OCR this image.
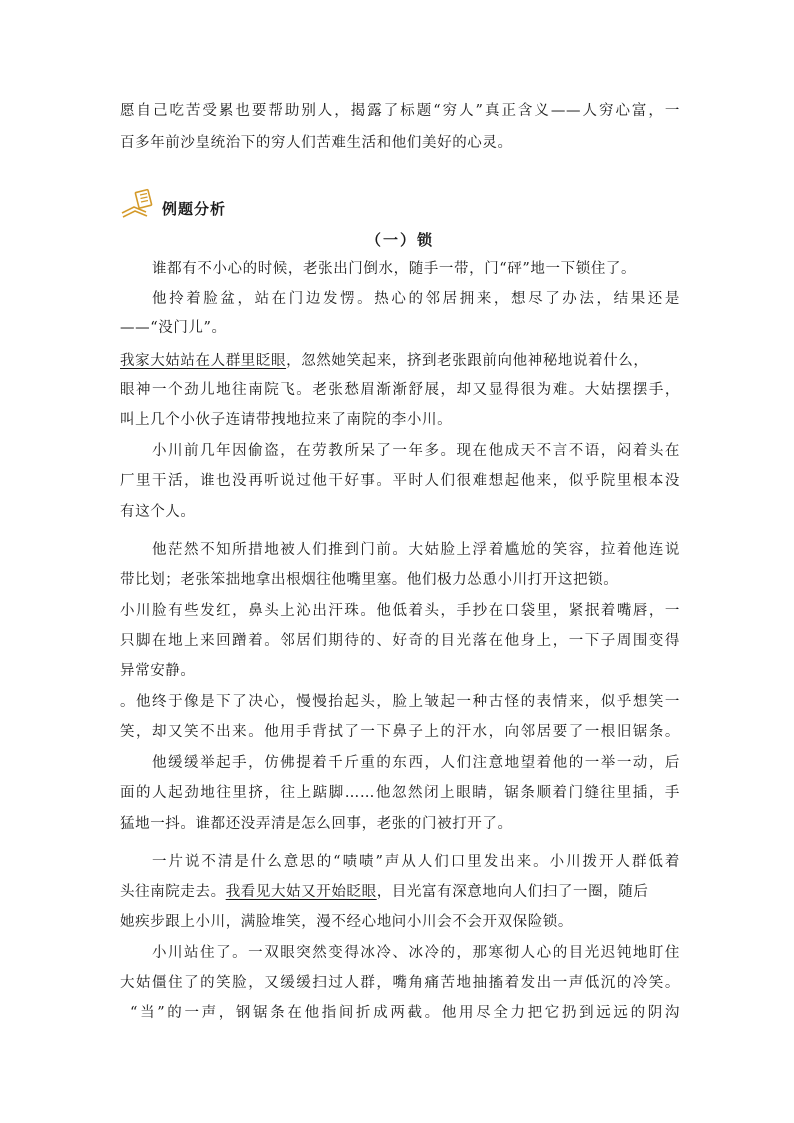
愿自己吃苦受累也要帮助别人，揭露了标题“穷人”真正含义——人穷心富，一
百多年前沙皇统治下的穷人们苦难生活和他们美好的心灵。
例题分析
（一）锁
谁都有不小心的时候，老张出门倒水，随手一带，门“砰”地一下锁住了。
他拎着脸盆，站在门边发愣。热心的邻居拥来，想尽了办法，结果还是
——“没门儿”。
我家大姑站在人群里眨眼，忽然她笑起来，挤到老张跟前向他神秘地说着什么，
眼神一个劲儿地往南院飞。老张愁眉渐渐舒展，却又显得很为难。大姑摆摆手，
叫上几个小伙子连请带拽地拉来了南院的李小川。
小川前几年因偷盗，在劳教所呆了一年多。现在他成天不言不语，闷着头在
厂里干活，谁也没再听说过他干好事。平时人们很难想起他来，似乎院里根本没
有这个人。
他茫然不知所措地被人们推到门前。大姑脸上浮着尴尬的笑容，拉着他连说
带比划；老张笨拙地拿出根烟往他嘴里塞。他们极力怂恿小川打开这把锁。
小川脸有些发红，鼻头上沁出汗珠。他低着头，手抄在口袋里，紧抿着嘴唇，一
只脚在地上来回蹭着。邻居们期待的、好奇的目光落在他身上，一下子周围变得
异常安静。
。他终于像是下了决心，慢慢抬起头，脸上皱起一种古怪的表情来，似乎想笑一
笑，却又笑不出来。他用手背拭了一下鼻子上的汗水，向邻居要了一根旧锯条。
他缓缓举起手，仿佛提着千斤重的东西，人们注意地望着他的一举一动，后
面的人起劲地往里挤，往上踮脚……他忽然闭上眼睛，锯条顺着门缝往里插，手
猛地一抖。谁都还没弄清是怎么回事，老张的门被打开了。
一片说不清是什么意思的“啧啧”声从人们口里发出来。小川拨开人群低着
头往南院走去。我看见大姑又开始眨眼，目光富有深意地向人们扫了一圈，随后
她疾步跟上小川，满脸堆笑，漫不经心地问小川会不会开双保险锁。
小川站住了。一双眼突然变得冰冷、冰冷的，那寒彻人心的目光迟钝地盯住
大姑僵住了的笑脸，又缓缓扫过人群，嘴角痛苦地抽搐着发出一声低沉的冷笑。
“当”的一声，钢锯条在他指间折成两截。他用尽全力把它扔到远远的阴沟
